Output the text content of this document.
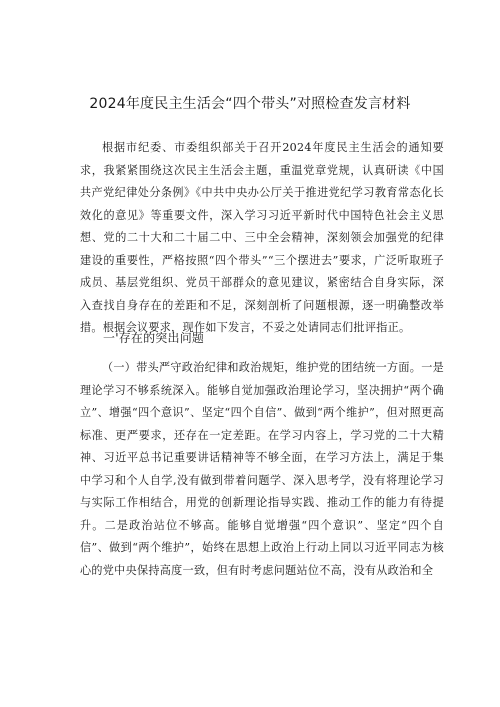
2024年度民主生活会“四个带头”对照检查发言材料

根据市纪委、市委组织部关于召开2024年度民主生活会的通知要求，我紧紧围绕这次民主生活会主题，重温党章党规，认真研读《中国共产党纪律处分条例》《中共中央办公厅关于推进党纪学习教育常态化长效化的意见》等重要文件，深入学习习近平新时代中国特色社会主义思想、党的二十大和二十届二中、三中全会精神，深刻领会加强党的纪律建设的重要性，严格按照“四个带头”“三个摆进去”要求，广泛听取班子成员、基层党组织、党员干部群众的意见建议，紧密结合自身实际，深入查找自身存在的差距和不足，深刻剖析了问题根源，逐一明确整改举措。根据会议要求，现作如下发言，不妥之处请同志们批评指正。

一'存在的突出问题

（一）带头严守政治纪律和政治规矩，维护党的团结统一方面。一是理论学习不够系统深入。能够自觉加强政治理论学习，坚决拥护“两个确立”、增强“四个意识”、坚定“四个自信”、做到“两个维护”，但对照更高标准、更严要求，还存在一定差距。在学习内容上，学习党的二十大精神、习近平总书记重要讲话精神等不够全面，在学习方法上，满足于集中学习和个人自学,没有做到带着问题学、深入思考学，没有将理论学习与实际工作相结合，用党的创新理论指导实践、推动工作的能力有待提升。二是政治站位不够高。能够自觉增强“四个意识”、坚定“四个自信”、做到“两个维护”，始终在思想上政治上行动上同以习近平同志为核心的党中央保持高度一致，但有时考虑问题站位不高，没有从政治和全
